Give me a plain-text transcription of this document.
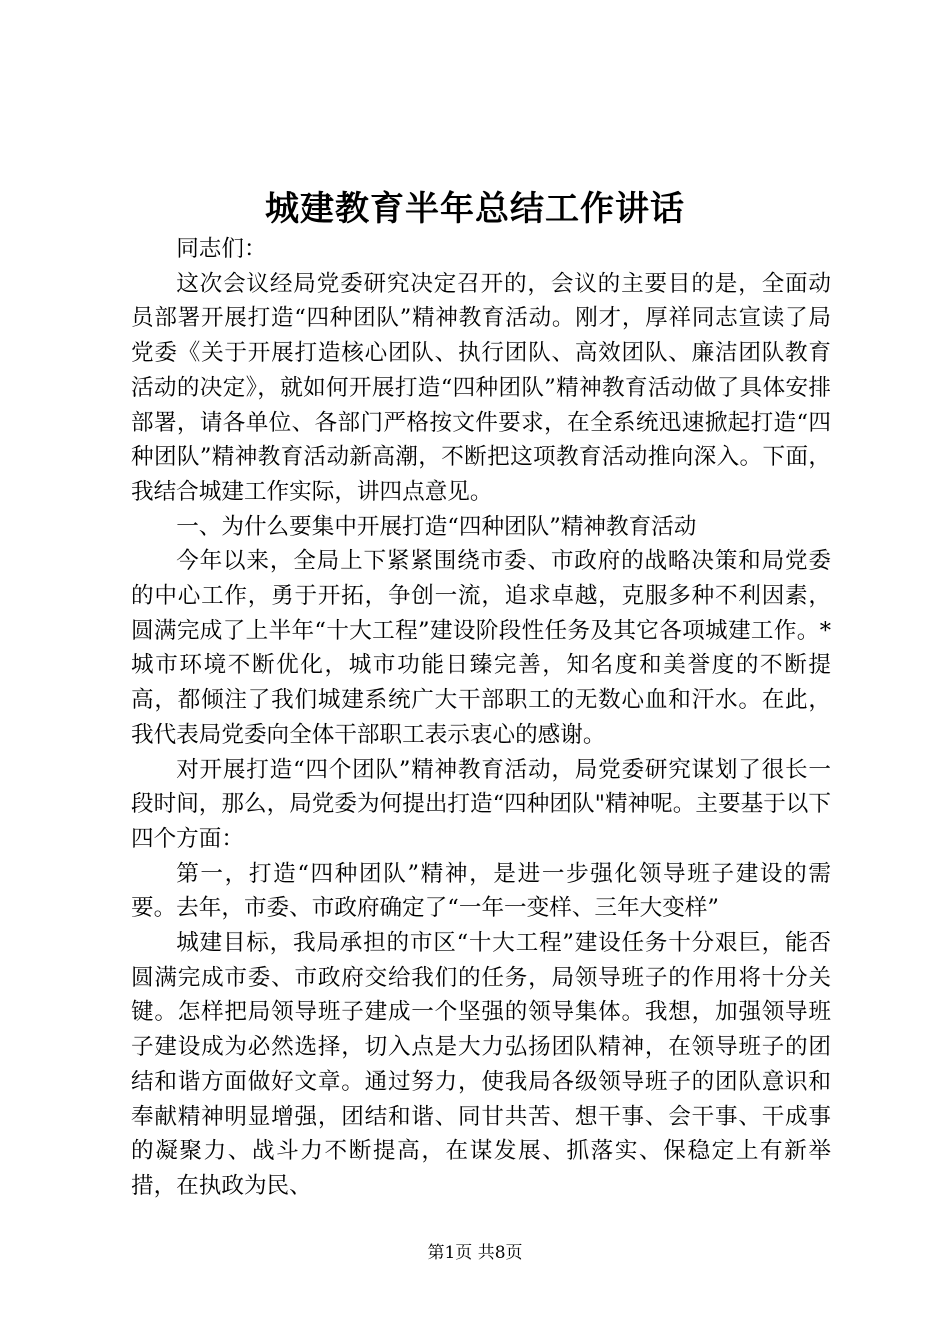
城建教育半年总结工作讲话

同志们：

这次会议经局党委研究决定召开的，会议的主要目的是，全面动员部署开展打造“四种团队”精神教育活动。刚才，厚祥同志宣读了局党委《关于开展打造核心团队、执行团队、高效团队、廉洁团队教育活动的决定》，就如何开展打造“四种团队”精神教育活动做了具体安排部署，请各单位、各部门严格按文件要求，在全系统迅速掀起打造“四种团队”精神教育活动新高潮，不断把这项教育活动推向深入。下面，我结合城建工作实际，讲四点意见。

一、为什么要集中开展打造“四种团队”精神教育活动

今年以来，全局上下紧紧围绕市委、市政府的战略决策和局党委的中心工作，勇于开拓，争创一流，追求卓越，克服多种不利因素，圆满完成了上半年“十大工程”建设阶段性任务及其它各项城建工作。*城市环境不断优化，城市功能日臻完善，知名度和美誉度的不断提高，都倾注了我们城建系统广大干部职工的无数心血和汗水。在此，我代表局党委向全体干部职工表示衷心的感谢。

对开展打造“四个团队”精神教育活动，局党委研究谋划了很长一段时间，那么，局党委为何提出打造“四种团队"精神呢。主要基于以下四个方面：

第一，打造“四种团队”精神，是进一步强化领导班子建设的需要。去年，市委、市政府确定了“一年一变样、三年大变样”

城建目标，我局承担的市区“十大工程”建设任务十分艰巨，能否圆满完成市委、市政府交给我们的任务，局领导班子的作用将十分关键。怎样把局领导班子建成一个坚强的领导集体。我想，加强领导班子建设成为必然选择，切入点是大力弘扬团队精神，在领导班子的团结和谐方面做好文章。通过努力，使我局各级领导班子的团队意识和奉献精神明显增强，团结和谐、同甘共苦、想干事、会干事、干成事的凝聚力、战斗力不断提高，在谋发展、抓落实、保稳定上有新举措，在执政为民、

第1页 共8页
